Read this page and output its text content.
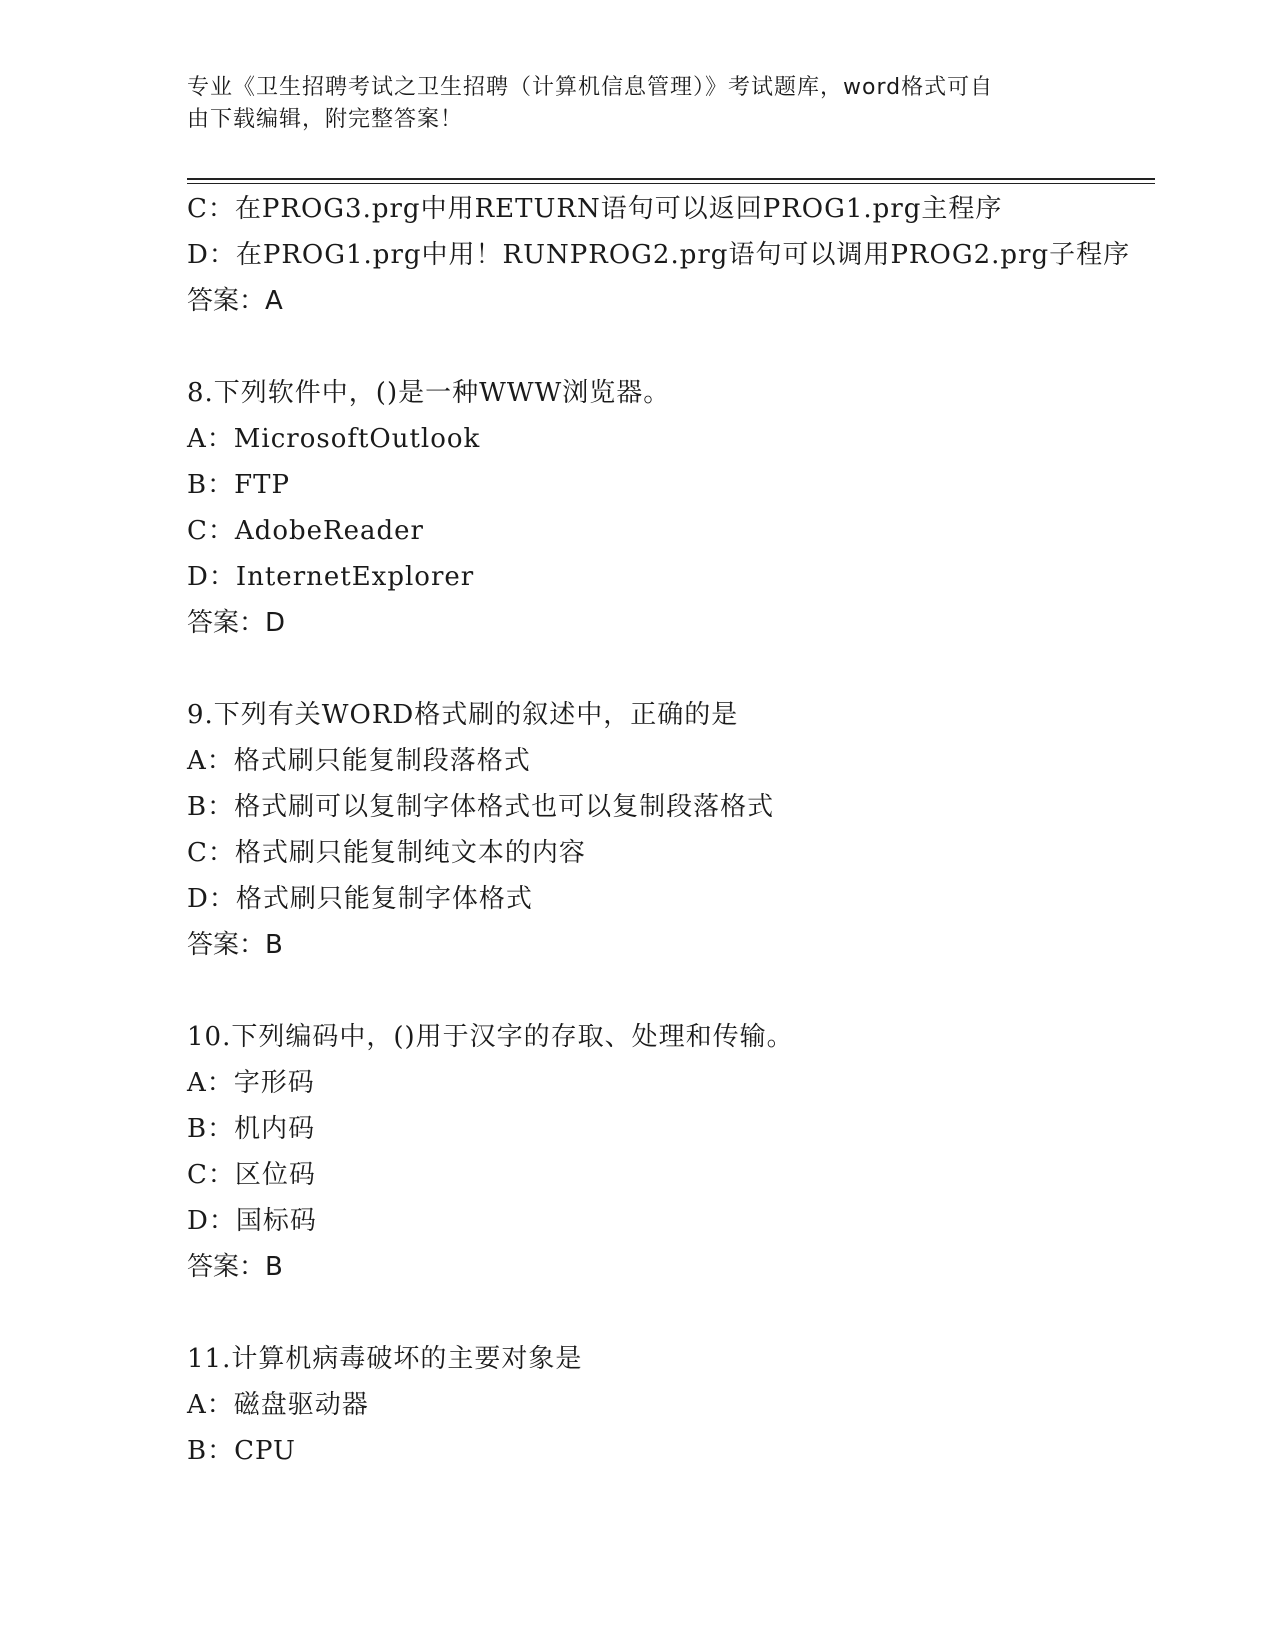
专业《卫生招聘考试之卫生招聘（计算机信息管理）》考试题库，word格式可自
由下载编辑，附完整答案！
C：在PROG3.prg中用RETURN语句可以返回PROG1.prg主程序
D：在PROG1.prg中用！RUNPROG2.prg语句可以调用PROG2.prg子程序
答案：A
8.下列软件中，()是一种WWW浏览器。
A：MicrosoftOutlook
B：FTP
C：AdobeReader
D：InternetExplorer
答案：D
9.下列有关WORD格式刷的叙述中，正确的是
A：格式刷只能复制段落格式
B：格式刷可以复制字体格式也可以复制段落格式
C：格式刷只能复制纯文本的内容
D：格式刷只能复制字体格式
答案：B
10.下列编码中，()用于汉字的存取、处理和传输。
A：字形码
B：机内码
C：区位码
D：国标码
答案：B
11.计算机病毒破坏的主要对象是
A：磁盘驱动器
B：CPU
